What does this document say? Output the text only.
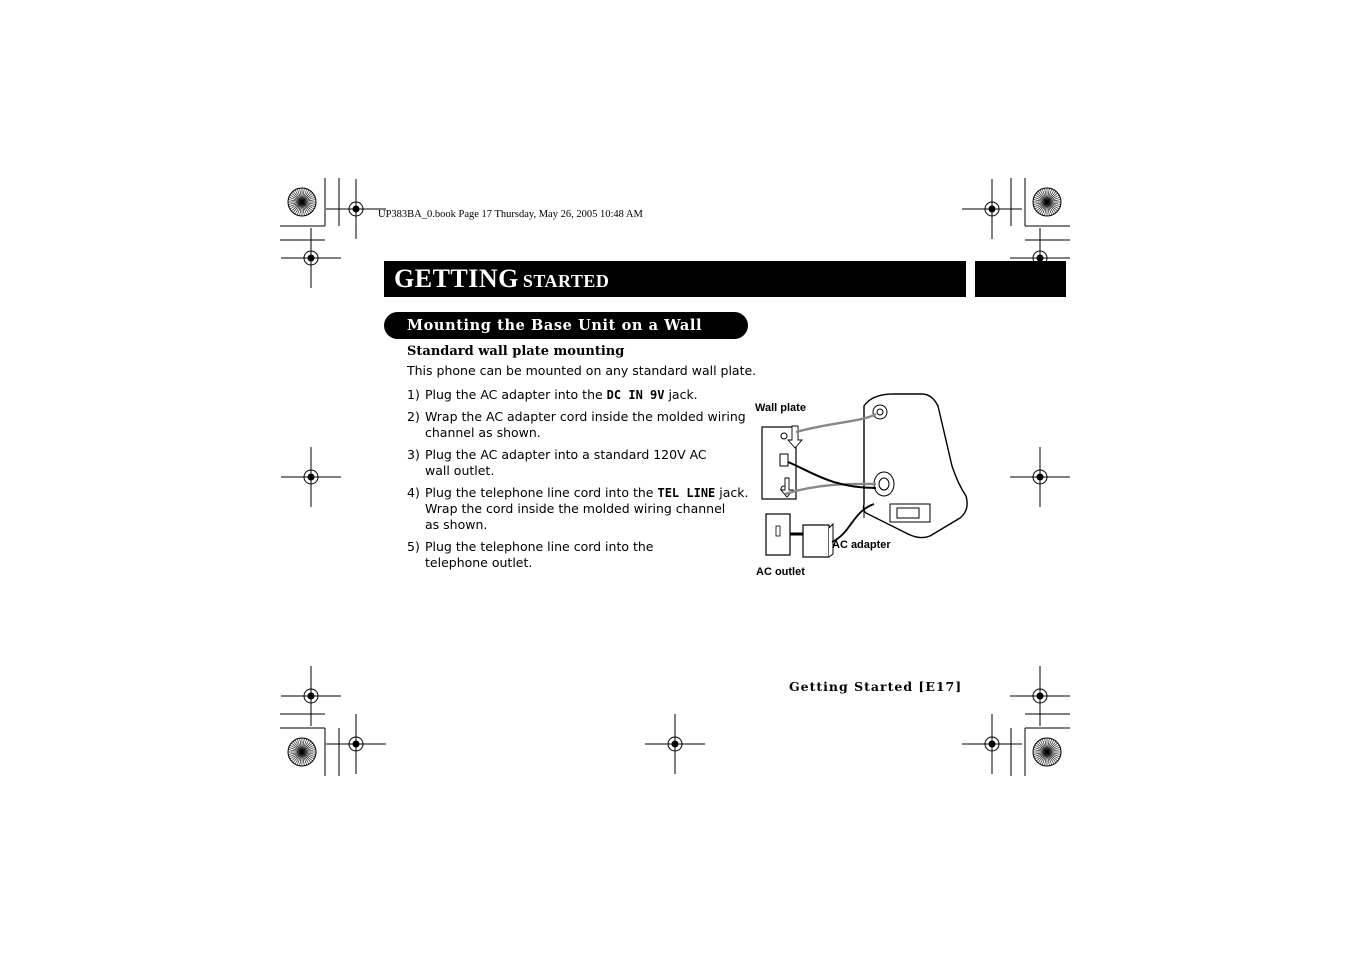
UP383BA_0.book Page 17 Thursday, May 26, 2005 10:48 AM
GETTING STARTED
Mounting the Base Unit on a Wall
Standard wall plate mounting
This phone can be mounted on any standard wall plate.
1) Plug the AC adapter into the DC IN 9V jack.
2) Wrap the AC adapter cord inside the molded wiring
channel as shown.
3) Plug the AC adapter into a standard 120V AC
wall outlet.
4) Plug the telephone line cord into the TEL LINE jack.
Wrap the cord inside the molded wiring channel
as shown.
5) Plug the telephone line cord into the
telephone outlet.
Wall plate
AC adapter
AC outlet
Getting Started [E17]
